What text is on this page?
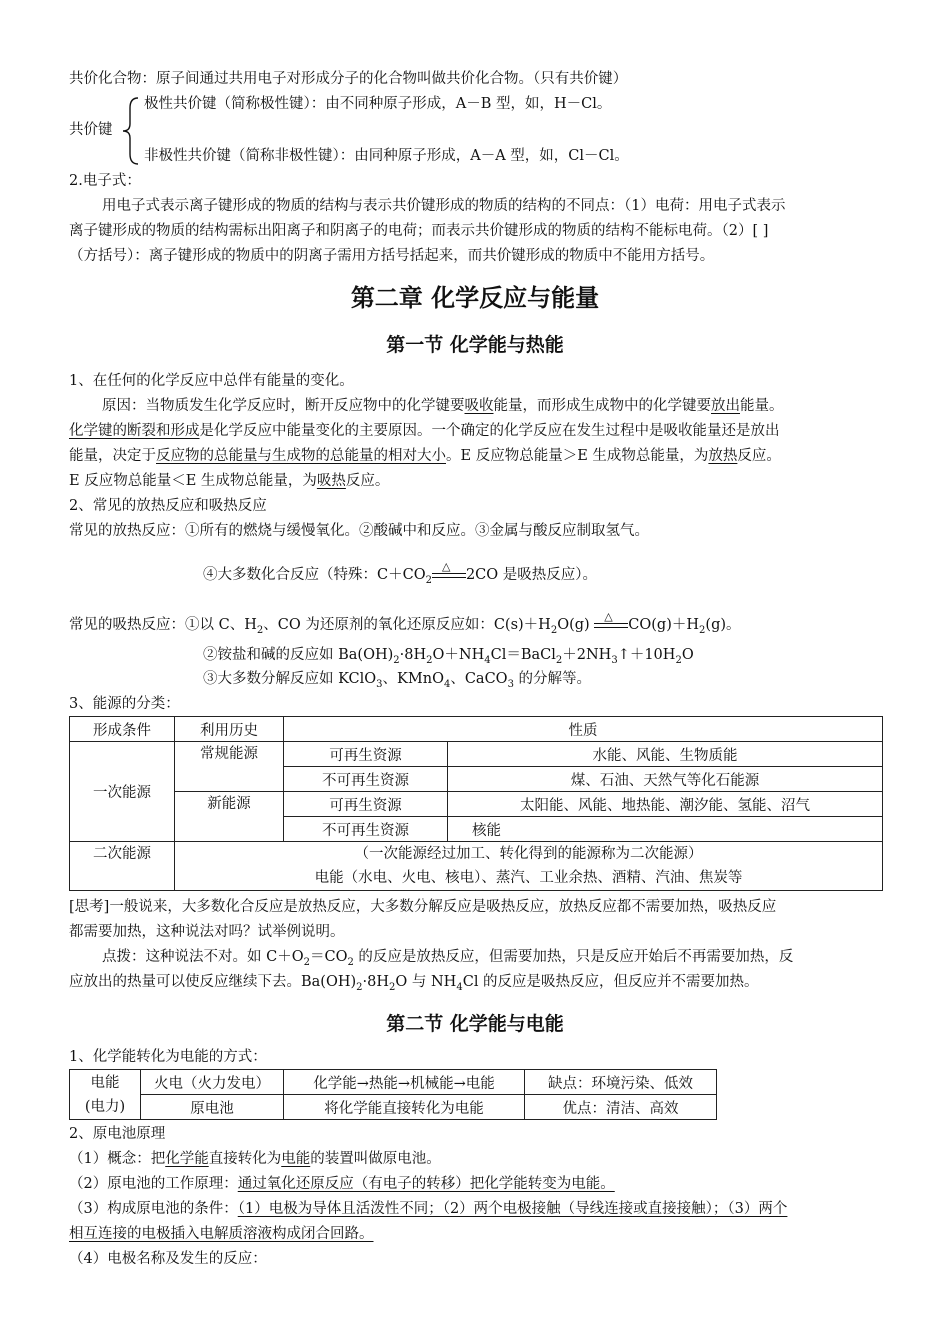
共价化合物：原子间通过共用电子对形成分子的化合物叫做共价化合物。（只有共价键）
极性共价键（简称极性键）：由不同种原子形成，A－B 型，如，H－Cl。
共价键
非极性共价键（简称非极性键）：由同种原子形成，A－A 型，如，Cl－Cl。
2.电子式：
用电子式表示离子键形成的物质的结构与表示共价键形成的物质的结构的不同点：（1）电荷：用电子式表示
离子键形成的物质的结构需标出阳离子和阴离子的电荷；而表示共价键形成的物质的结构不能标电荷。（2）[ ]
（方括号）：离子键形成的物质中的阴离子需用方括号括起来，而共价键形成的物质中不能用方括号。
第二章 化学反应与能量
第一节 化学能与热能
1、在任何的化学反应中总伴有能量的变化。
原因：当物质发生化学反应时，断开反应物中的化学键要吸收能量，而形成生成物中的化学键要放出能量。
化学键的断裂和形成是化学反应中能量变化的主要原因。一个确定的化学反应在发生过程中是吸收能量还是放出
能量，决定于反应物的总能量与生成物的总能量的相对大小。E 反应物总能量＞E 生成物总能量，为放热反应。
E 反应物总能量＜E 生成物总能量，为吸热反应。
2、常见的放热反应和吸热反应
常见的放热反应：①所有的燃烧与缓慢氧化。②酸碱中和反应。③金属与酸反应制取氢气。
④大多数化合反应（特殊：$C+CO_2$
△
2CO 是吸热反应）。
常见的吸热反应：①以 C、$H_2$、CO 为还原剂的氧化还原反应如：$C(s)+H_2O(g)$
△
$CO(g)+H_2(g)$。
②铵盐和碱的反应如 $Ba(OH)_2\cdot 8H_2O+NH_4Cl=BaCl_2+2NH_3↑+10H_2O$
③大多数分解反应如 KClO$_3$、KMnO$_4$、CaCO$_3$ 的分解等。
3、能源的分类：
形成条件	利用历史	性质	
一次能源	常规能源	可再生资源	水能、风能、生物质能
		不可再生资源	煤、石油、天然气等化石能源
	新能源	可再生资源	太阳能、风能、地热能、潮汐能、氢能、沼气
		不可再生资源	核能
二次能源	（一次能源经过加工、转化得到的能源称为二次能源）
电能（水电、火电、核电）、蒸汽、工业余热、酒精、汽油、焦炭等		
[思考]一般说来，大多数化合反应是放热反应，大多数分解反应是吸热反应，放热反应都不需要加热，吸热反应
都需要加热，这种说法对吗？试举例说明。
点拨：这种说法不对。如 $C+O_2=CO_2$ 的反应是放热反应，但需要加热，只是反应开始后不再需要加热，反
应放出的热量可以使反应继续下去。$Ba(OH)_2\cdot 8H_2O$ 与 $NH_4Cl$ 的反应是吸热反应，但反应并不需要加热。
第二节 化学能与电能
1、化学能转化为电能的方式：
电能
(电力)	火电（火力发电）	化学能→热能→机械能→电能	缺点：环境污染、低效
	原电池	将化学能直接转化为电能	优点：清洁、高效
2、原电池原理
（1）概念：把化学能直接转化为电能的装置叫做原电池。
（2）原电池的工作原理：通过氧化还原反应（有电子的转移）把化学能转变为电能。
（3）构成原电池的条件：（1）电极为导体且活泼性不同；（2）两个电极接触（导线连接或直接接触）；（3）两个
相互连接的电极插入电解质溶液构成闭合回路。
（4）电极名称及发生的反应：
